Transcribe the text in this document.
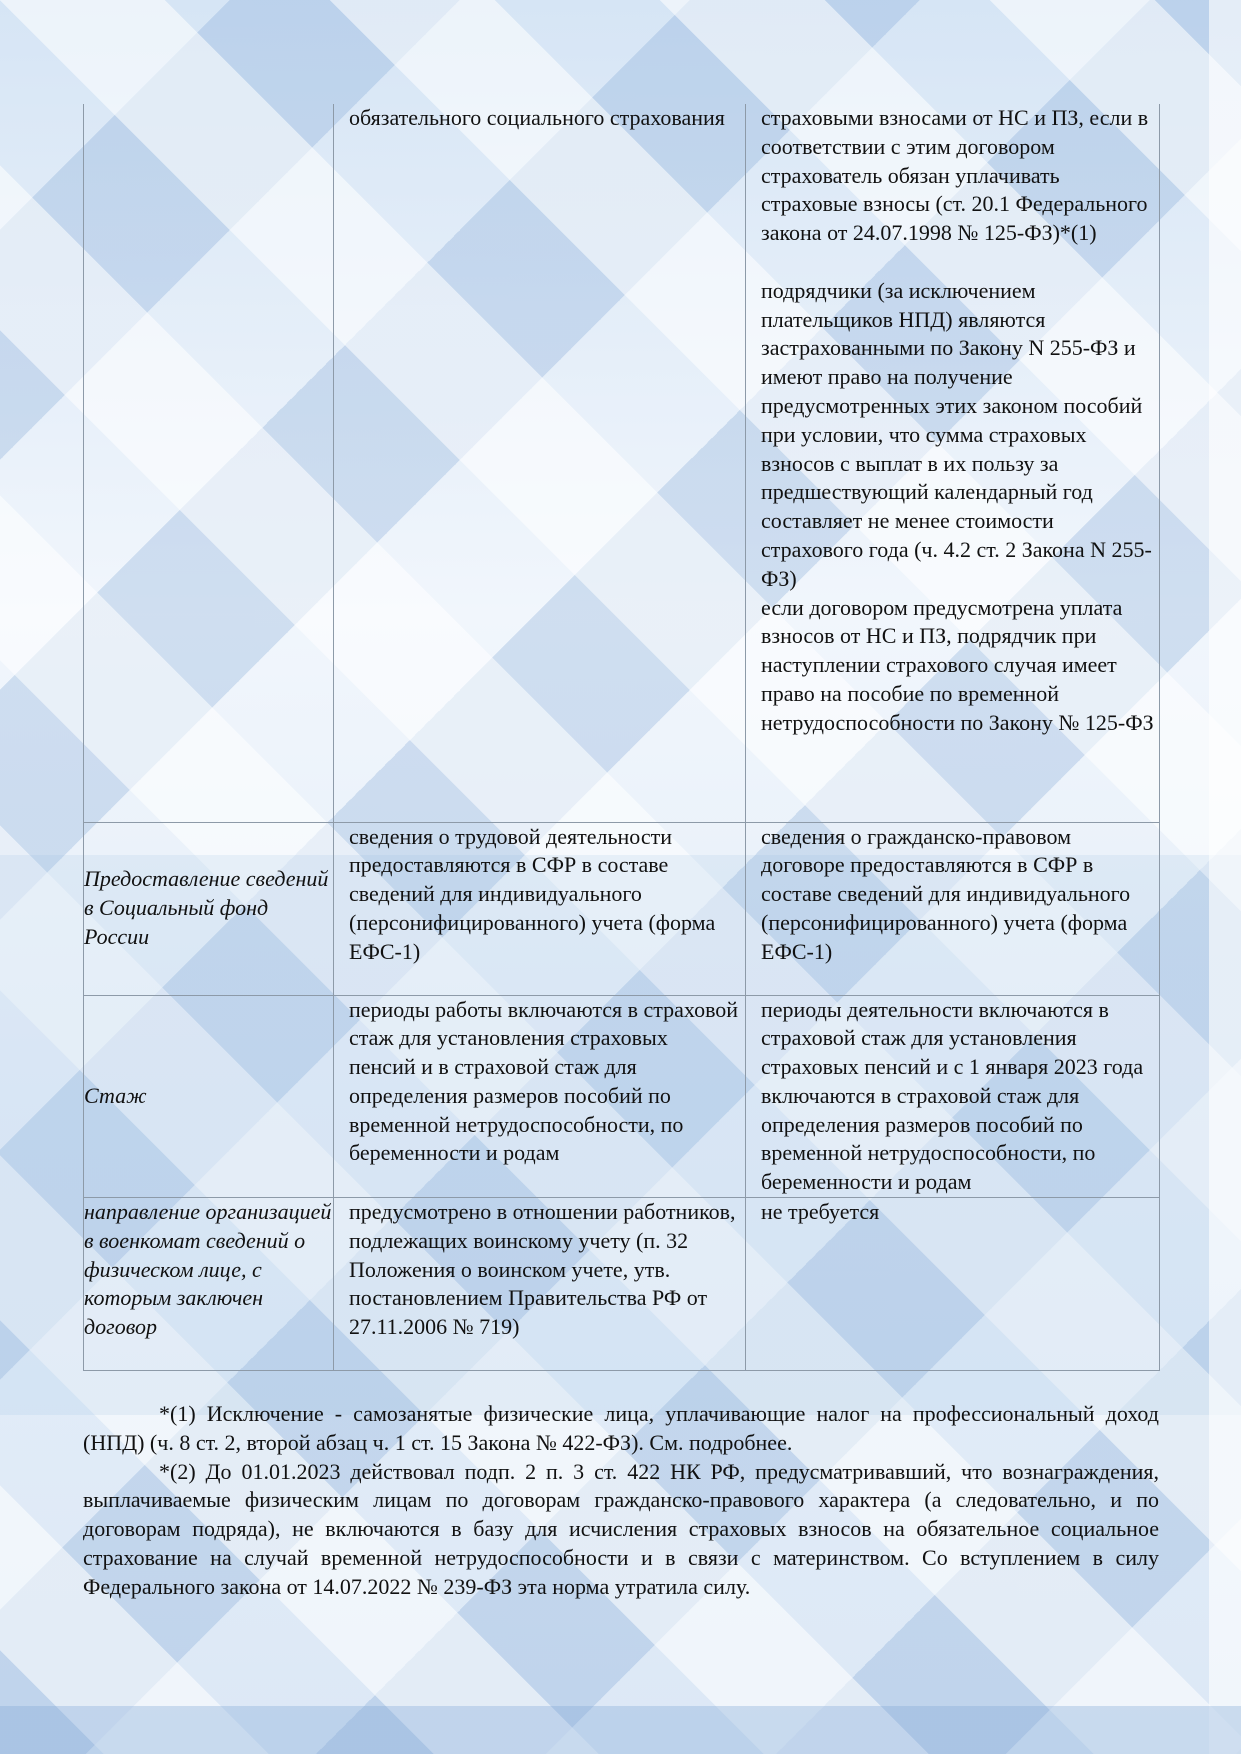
	обязательного социального страхования	страховыми взносами от НС и ПЗ, если в соответствии с этим договором страхователь обязан уплачивать страховые взносы (ст. 20.1 Федерального закона от 24.07.1998 № 125-ФЗ)*(1)
подрядчики (за исключением плательщиков НПД) являются застрахованными по Закону N 255-ФЗ и имеют право на получение предусмотренных этих законом пособий при условии, что сумма страховых взносов с выплат в их пользу за предшествующий календарный год составляет не менее стоимости страхового года (ч. 4.2 ст. 2 Закона N 255-ФЗ)
если договором предусмотрена уплата взносов от НС и ПЗ, подрядчик при наступлении страхового случая имеет право на пособие по временной нетрудоспособности по Закону № 125-ФЗ
Предоставление сведений в Социальный фонд России	сведения о трудовой деятельности предоставляются в СФР в составе сведений для индивидуального (персонифицированного) учета (форма ЕФС-1)	сведения о гражданско-правовом договоре предоставляются в СФР в составе сведений для индивидуального (персонифицированного) учета (форма ЕФС-1)
Стаж	периоды работы включаются в страховой стаж для установления страховых пенсий и в страховой стаж для определения размеров пособий по временной нетрудоспособности, по беременности и родам	периоды деятельности включаются в страховой стаж для установления страховых пенсий и с 1 января 2023 года включаются в страховой стаж для определения размеров пособий по временной нетрудоспособности, по беременности и родам
направление организацией в военкомат сведений о физическом лице, с которым заключен договор	предусмотрено в отношении работников, подлежащих воинскому учету (п. 32 Положения о воинском учете, утв. постановлением Правительства РФ от 27.11.2006 № 719)	не требуется

*(1) Исключение - самозанятые физические лица, уплачивающие налог на профессиональный доход (НПД) (ч. 8 ст. 2, второй абзац ч. 1 ст. 15 Закона № 422-ФЗ). См. подробнее.

*(2) До 01.01.2023 действовал подп. 2 п. 3 ст. 422 НК РФ, предусматривавший, что вознаграждения, выплачиваемые физическим лицам по договорам гражданско-правового характера (а следовательно, и по договорам подряда), не включаются в базу для исчисления страховых взносов на обязательное социальное страхование на случай временной нетрудоспособности и в связи с материнством. Со вступлением в силу Федерального закона от 14.07.2022 № 239-ФЗ эта норма утратила силу.
